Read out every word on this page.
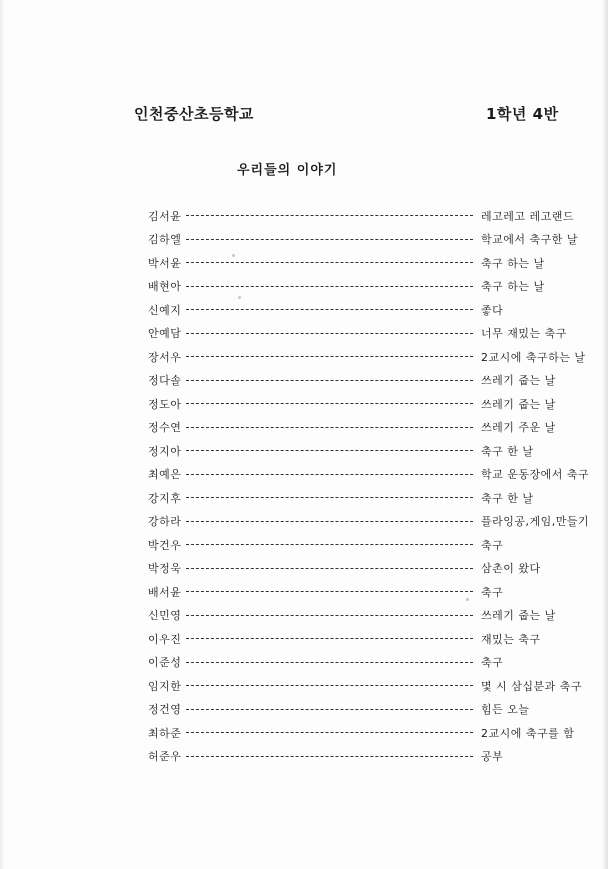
인천중산초등학교	1학년 4반
우리들의 이야기
김서윤	레고레고 레고랜드
김하엘	학교에서 축구한 날
박서윤	축구 하는 날
배현아	축구 하는 날
신예지	좋다
안예담	너무 재밌는 축구
장서우	2교시에 축구하는 날
정다솔	쓰레기 줍는 날
정도아	쓰레기 줍는 날
정수연	쓰레기 주운 날
정지아	축구 한 날
최예은	학교 운동장에서 축구
강지후	축구 한 날
강하라	플라잉공,게임,만들기
박건우	축구
박정욱	삼촌이 왔다
배서윤	축구
신민영	쓰레기 줍는 날
이우진	재밌는 축구
이준성	축구
임지한	몇 시 삼십분과 축구
정건영	힘든 오늘
최하준	2교시에 축구를 함
허준우	공부
